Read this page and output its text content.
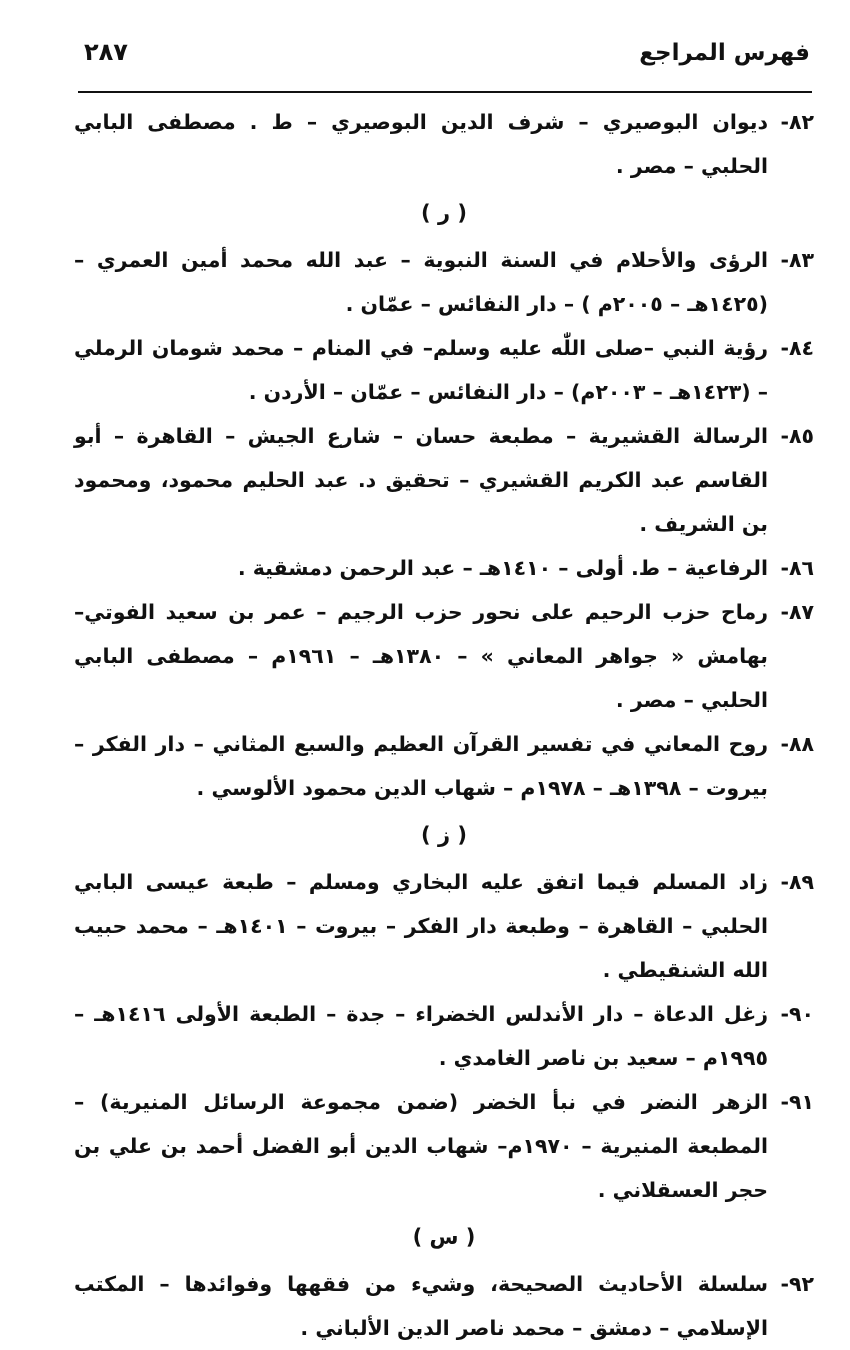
فهرس المراجع
٢٨٧

٨٢-
ديوان البوصيري – شرف الدين البوصيري – ط . مصطفى البابي الحلبي – مصر .

( ر )

٨٣-
الرؤى والأحلام في السنة النبوية – عبد الله محمد أمين العمري – (١٤٢٥هـ – ٢٠٠٥م ) – دار النفائس – عمّان .

٨٤-
رؤية النبي –صلى اللّٰه عليه وسلم– في المنام – محمد شومان الرملي – (١٤٢٣هـ – ٢٠٠٣م) – دار النفائس – عمّان – الأردن .

٨٥-
الرسالة القشيرية – مطبعة حسان – شارع الجيش – القاهرة – أبو القاسم عبد الكريم القشيري – تحقيق د. عبد الحليم محمود، ومحمود بن الشريف .

٨٦-
الرفاعية – ط. أولى – ١٤١٠هـ – عبد الرحمن دمشقية .

٨٧-
رماح حزب الرحيم على نحور حزب الرجيم – عمر بن سعيد الفوتي– بهامش « جواهر المعاني » – ١٣٨٠هـ – ١٩٦١م – مصطفى البابي الحلبي – مصر .

٨٨-
روح المعاني في تفسير القرآن العظيم والسبع المثاني – دار الفكر – بيروت – ١٣٩٨هـ – ١٩٧٨م – شهاب الدين محمود الألوسي .

( ز )

٨٩-
زاد المسلم فيما اتفق عليه البخاري ومسلم – طبعة عيسى البابي الحلبي – القاهرة – وطبعة دار الفكر – بيروت – ١٤٠١هـ – محمد حبيب الله الشنقيطي .

٩٠-
زغل الدعاة – دار الأندلس الخضراء – جدة – الطبعة الأولى ١٤١٦هـ – ١٩٩٥م – سعيد بن ناصر الغامدي .

٩١-
الزهر النضر في نبأ الخضر (ضمن مجموعة الرسائل المنيرية) – المطبعة المنيرية – ١٩٧٠م– شهاب الدين أبو الفضل أحمد بن علي بن حجر العسقلاني .

( س )

٩٢-
سلسلة الأحاديث الصحيحة، وشيء من فقهها وفوائدها – المكتب الإسلامي – دمشق – محمد ناصر الدين الألباني .
